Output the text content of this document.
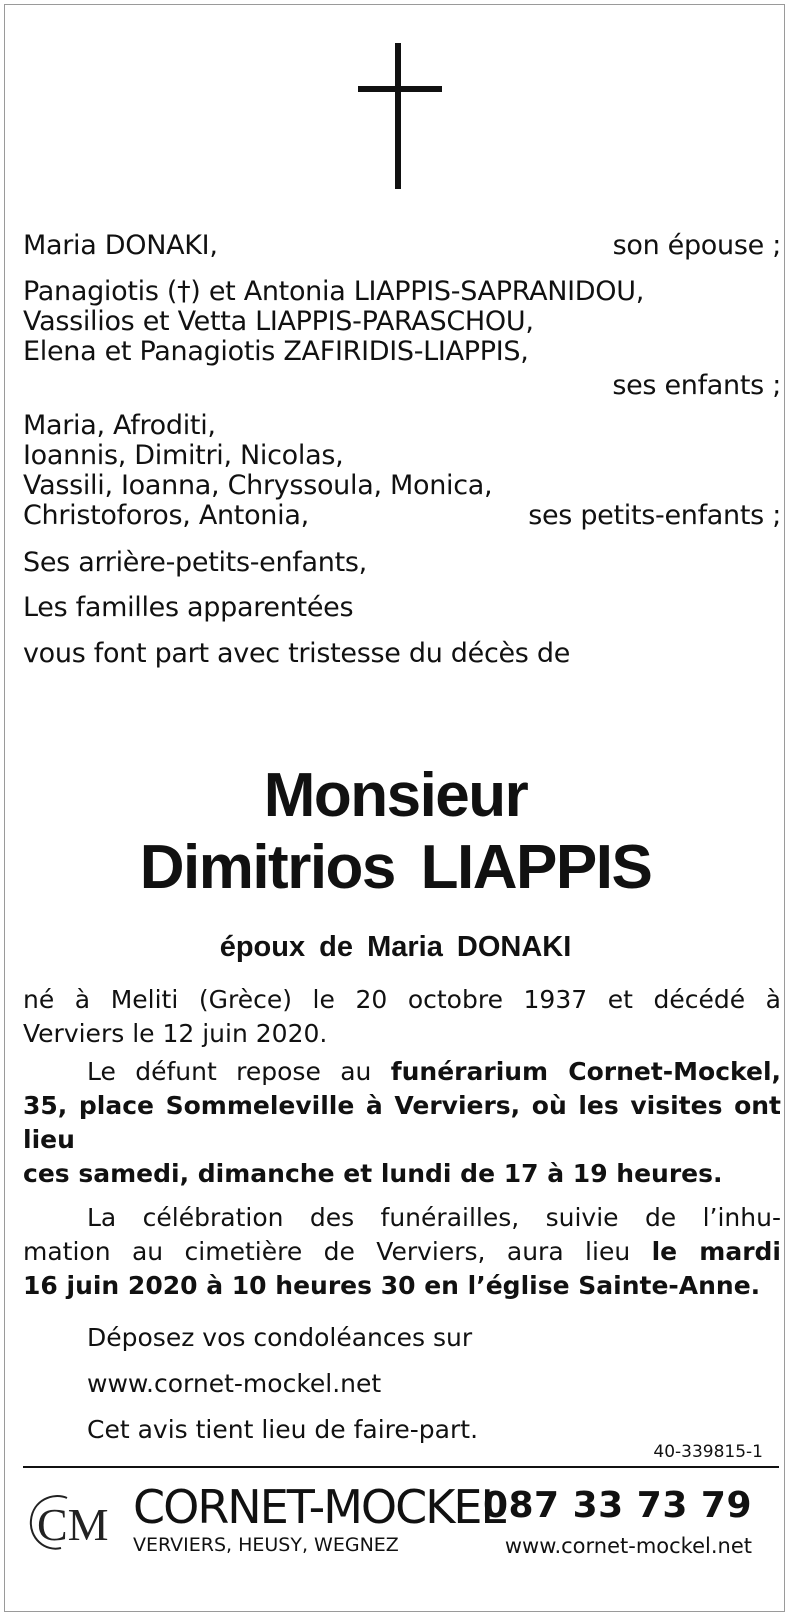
Maria DONAKI,	son épouse ;
Panagiotis (†) et Antonia LIAPPIS-SAPRANIDOU,
Vassilios et Vetta LIAPPIS-PARASCHOU,
Elena et Panagiotis ZAFIRIDIS-LIAPPIS,
ses enfants ;
Maria, Afroditi,
Ioannis, Dimitri, Nicolas,
Vassili, Ioanna, Chryssoula, Monica,
Christoforos, Antonia,	ses petits-enfants ;
Ses arrière-petits-enfants,
Les familles apparentées
vous font part avec tristesse du décès de
Monsieur
Dimitrios LIAPPIS
époux de Maria DONAKI
né à Meliti (Grèce) le 20 octobre 1937 et décédé à
Verviers le 12 juin 2020.
Le défunt repose au funérarium Cornet-Mockel,
35, place Sommeleville à Verviers, où les visites ont lieu
ces samedi, dimanche et lundi de 17 à 19 heures.
La célébration des funérailles, suivie de l’inhu-
mation au cimetière de Verviers, aura lieu le mardi
16 juin 2020 à 10 heures 30 en l’église Sainte-Anne.
Déposez vos condoléances sur
www.cornet-mockel.net
Cet avis tient lieu de faire-part.
40-339815-1
CM CORNET-MOCKEL
VERVIERS, HEUSY, WEGNEZ
087 33 73 79
www.cornet-mockel.net
